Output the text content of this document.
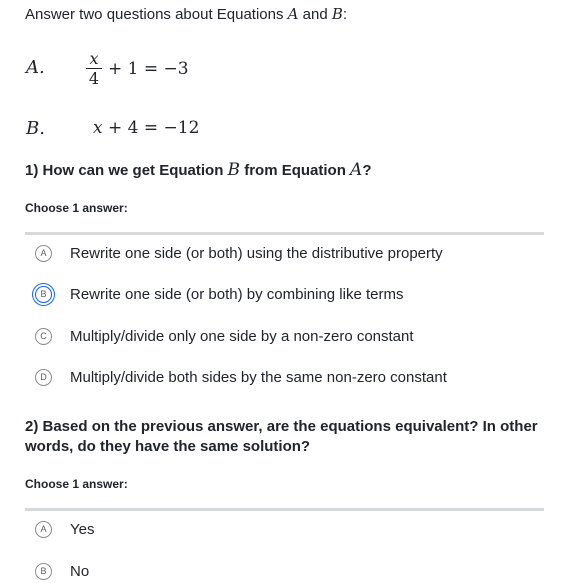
Answer two questions about Equations A and B:
A.	$\frac{x}{4} + 1 = -3$
B.	x + 4 = −12
1) How can we get Equation B from Equation A?
Choose 1 answer:
A	Rewrite one side (or both) using the distributive property
B	Rewrite one side (or both) by combining like terms
C	Multiply/divide only one side by a non-zero constant
D	Multiply/divide both sides by the same non-zero constant
2) Based on the previous answer, are the equations equivalent? In other
words, do they have the same solution?
Choose 1 answer:
A	Yes
B	No
